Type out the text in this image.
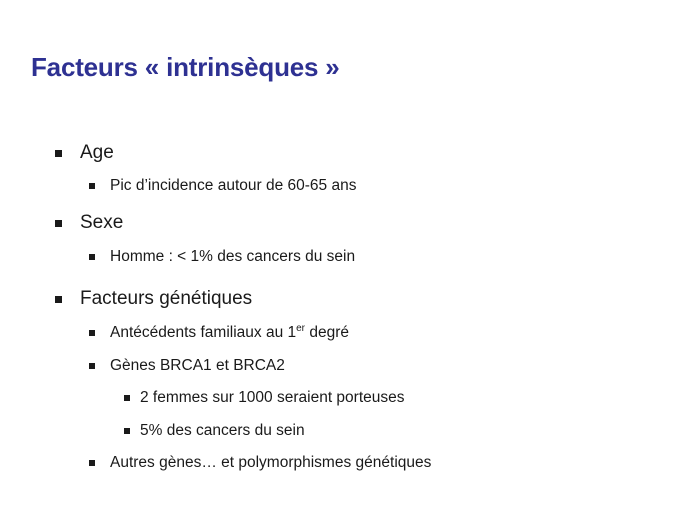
Facteurs « intrinsèques »
Age
Pic d’incidence autour de 60-65 ans
Sexe
Homme : < 1% des cancers du sein
Facteurs génétiques
Antécédents familiaux au 1er degré
Gènes BRCA1 et BRCA2
2 femmes sur 1000 seraient porteuses
5% des cancers du sein
Autres gènes… et polymorphismes génétiques
